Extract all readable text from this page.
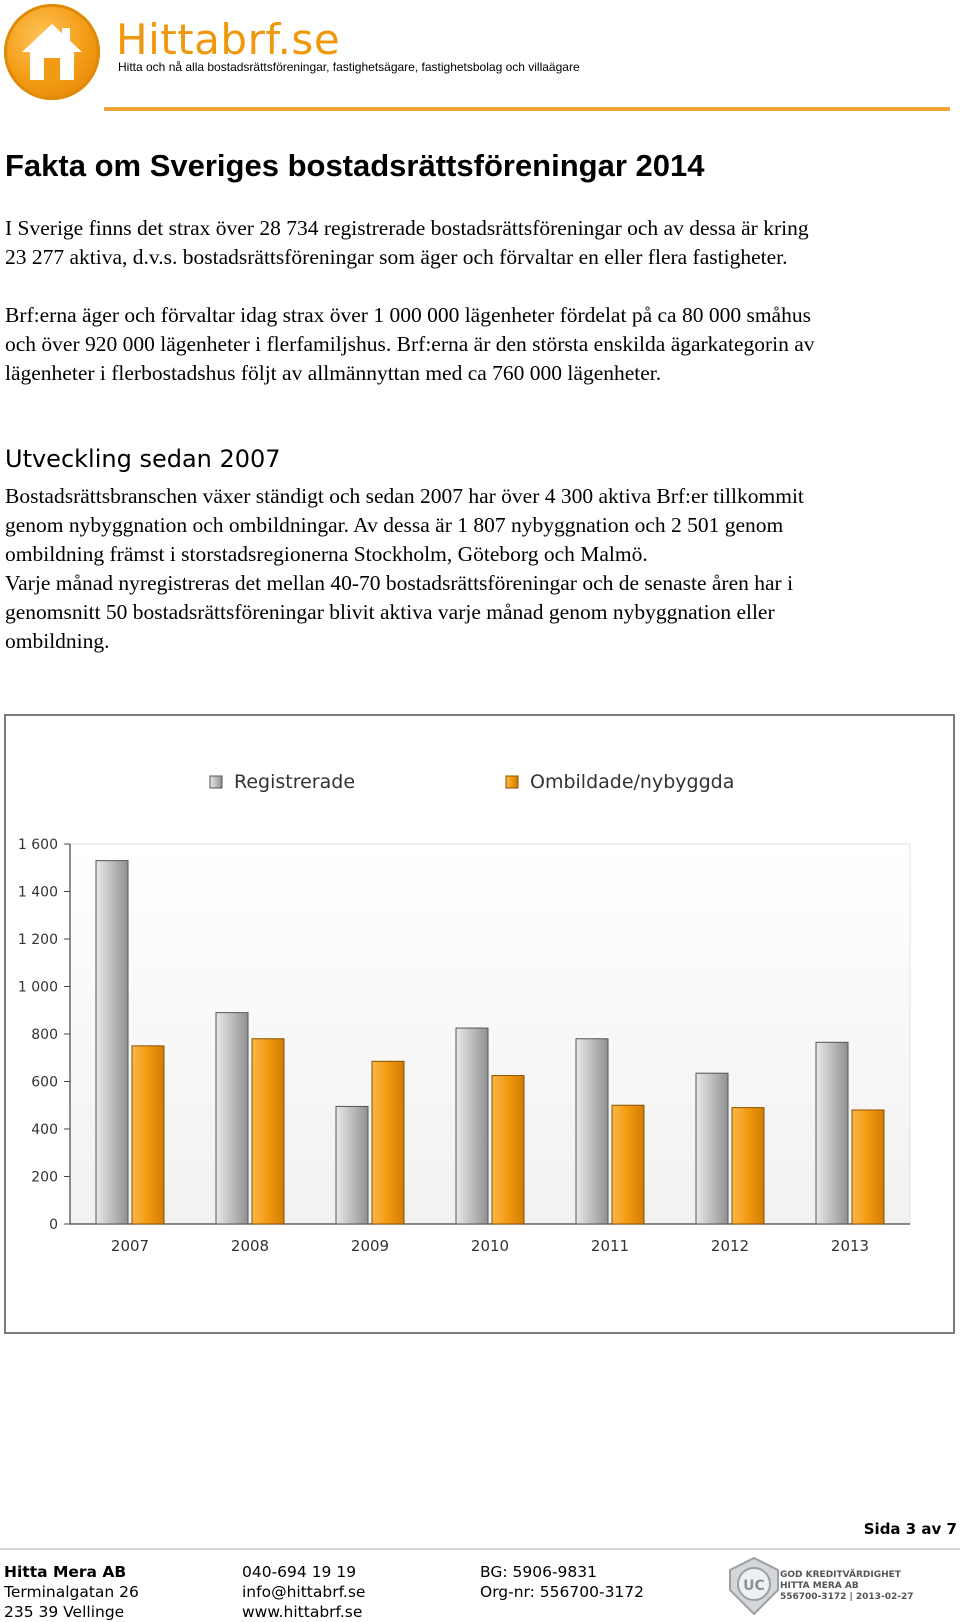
Hittabrf.se
Hitta och nå alla bostadsrättsföreningar, fastighetsägare, fastighetsbolag och villaägare
Fakta om Sveriges bostadsrättsföreningar 2014
I Sverige finns det strax över 28 734 registrerade bostadsrättsföreningar och av dessa är kring
23 277 aktiva, d.v.s. bostadsrättsföreningar som äger och förvaltar en eller flera fastigheter.
Brf:erna äger och förvaltar idag strax över 1 000 000 lägenheter fördelat på ca 80 000 småhus
och över 920 000 lägenheter i flerfamiljshus. Brf:erna är den största enskilda ägarkategorin av
lägenheter i flerbostadshus följt av allmännyttan med ca 760 000 lägenheter.
Utveckling sedan 2007
Bostadsrättsbranschen växer ständigt och sedan 2007 har över 4 300 aktiva Brf:er tillkommit
genom nybyggnation och ombildningar. Av dessa är 1 807 nybyggnation och 2 501 genom
ombildning främst i storstadsregionerna Stockholm, Göteborg och Malmö.
Varje månad nyregistreras det mellan 40-70 bostadsrättsföreningar och de senaste åren har i
genomsnitt 50 bostadsrättsföreningar blivit aktiva varje månad genom nybyggnation eller
ombildning.
0
200
400
600
800
1 000
1 200
1 400
1 600
2007	2008	2009	2010	2011	2012	2013
Registrerade	Ombildade/nybyggda
Sida 3 av 7
Hitta Mera AB
Terminalgatan 26
235 39 Vellinge
040-694 19 19
info@hittabrf.se
www.hittabrf.se
BG: 5906-9831
Org-nr: 556700-3172	UC
GOD KREDITVÄRDIGHET
HITTA MERA AB
556700-3172 | 2013-02-27
